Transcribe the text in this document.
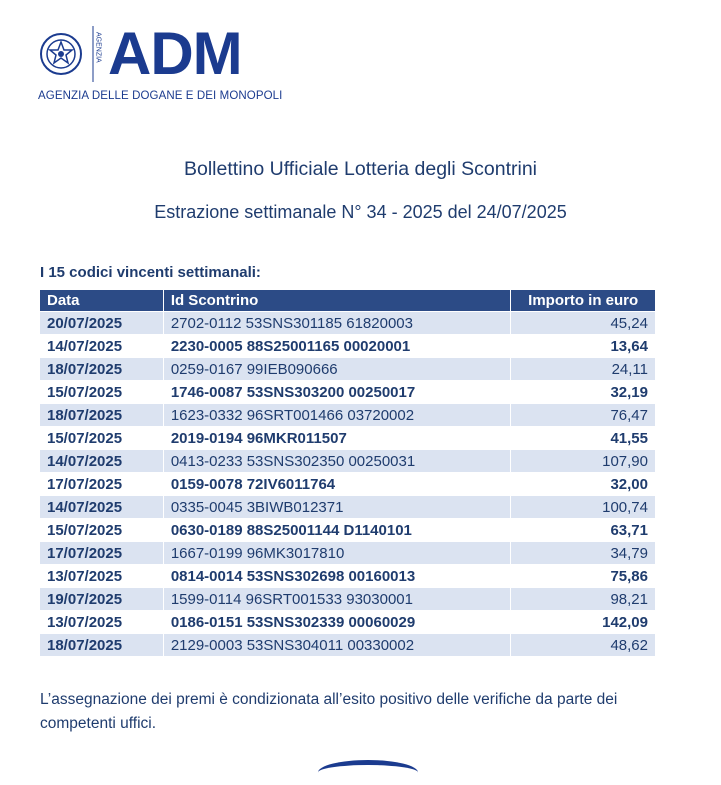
AGENZIA ADM
AGENZIA DELLE DOGANE E DEI MONOPOLI
Bollettino Ufficiale Lotteria degli Scontrini
Estrazione settimanale N° 34 - 2025 del 24/07/2025
I 15 codici vincenti settimanali:
Data	Id Scontrino	Importo in euro
20/07/2025	2702-0112 53SNS301185 61820003	45,24
14/07/2025	2230-0005 88S25001165 00020001	13,64
18/07/2025	0259-0167 99IEB090666	24,11
15/07/2025	1746-0087 53SNS303200 00250017	32,19
18/07/2025	1623-0332 96SRT001466 03720002	76,47
15/07/2025	2019-0194 96MKR011507	41,55
14/07/2025	0413-0233 53SNS302350 00250031	107,90
17/07/2025	0159-0078 72IV6011764	32,00
14/07/2025	0335-0045 3BIWB012371	100,74
15/07/2025	0630-0189 88S25001144 D1140101	63,71
17/07/2025	1667-0199 96MK3017810	34,79
13/07/2025	0814-0014 53SNS302698 00160013	75,86
19/07/2025	1599-0114 96SRT001533 93030001	98,21
13/07/2025	0186-0151 53SNS302339 00060029	142,09
18/07/2025	2129-0003 53SNS304011 00330002	48,62
L’assegnazione dei premi è condizionata all’esito positivo delle verifiche da parte dei competenti uffici.
